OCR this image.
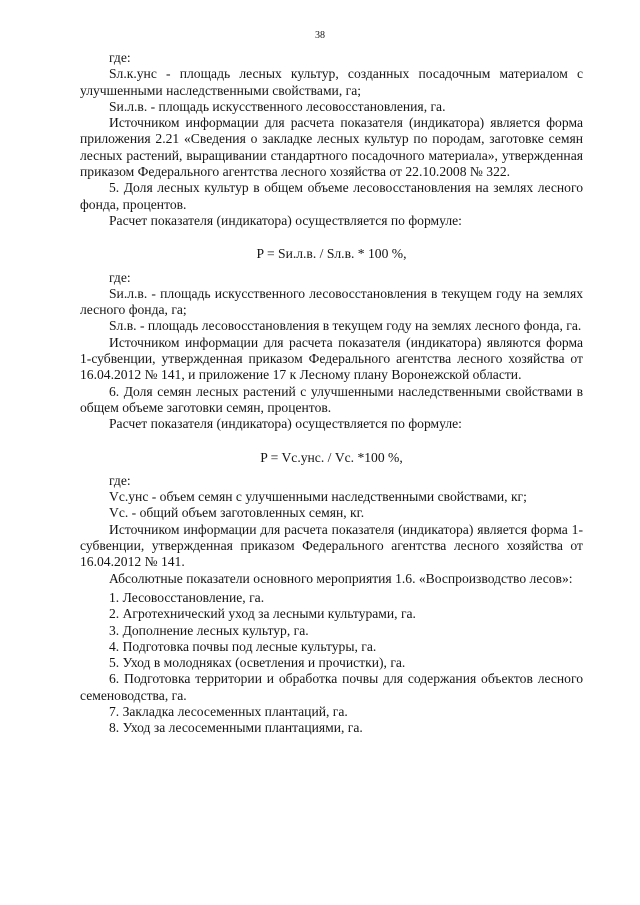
38

где:

Sл.к.унс - площадь лесных культур, созданных посадочным материалом с улучшенными наследственными свойствами, га;

Sи.л.в. - площадь искусственного лесовосстановления, га.

Источником информации для расчета показателя (индикатора) является форма приложения 2.21 «Сведения о закладке лесных культур по породам, заготовке семян лесных растений, выращивании стандартного посадочного материала», утвержденная приказом Федерального агентства лесного хозяйства от 22.10.2008 № 322.

5. Доля лесных культур в общем объеме лесовосстановления на землях лесного фонда, процентов.

Расчет показателя (индикатора) осуществляется по формуле:

P = Sи.л.в. / Sл.в. * 100 %,

где:

Sи.л.в. - площадь искусственного лесовосстановления в текущем году на землях лесного фонда, га;

Sл.в. - площадь лесовосстановления в текущем году на землях лесного фонда, га.

Источником информации для расчета показателя (индикатора) являются форма 1-субвенции, утвержденная приказом Федерального агентства лесного хозяйства от 16.04.2012 № 141, и приложение 17 к Лесному плану Воронежской области.

6. Доля семян лесных растений с улучшенными наследственными свойствами в общем объеме заготовки семян, процентов.

Расчет показателя (индикатора) осуществляется по формуле:

P = Vс.унс. / Vс. *100 %,

где:

Vс.унс - объем семян с улучшенными наследственными свойствами, кг;

Vс. - общий объем заготовленных семян, кг.

Источником информации для расчета показателя (индикатора) является форма 1-субвенции, утвержденная приказом Федерального агентства лесного хозяйства от 16.04.2012 № 141.

Абсолютные показатели основного мероприятия 1.6. «Воспроизводство лесов»:

1. Лесовосстановление, га.

2. Агротехнический уход за лесными культурами, га.

3. Дополнение лесных культур, га.

4. Подготовка почвы под лесные культуры, га.

5. Уход в молодняках (осветления и прочистки), га.

6. Подготовка территории и обработка почвы для содержания объектов лесного семеноводства, га.

7. Закладка лесосеменных плантаций, га.

8. Уход за лесосеменными плантациями, га.
